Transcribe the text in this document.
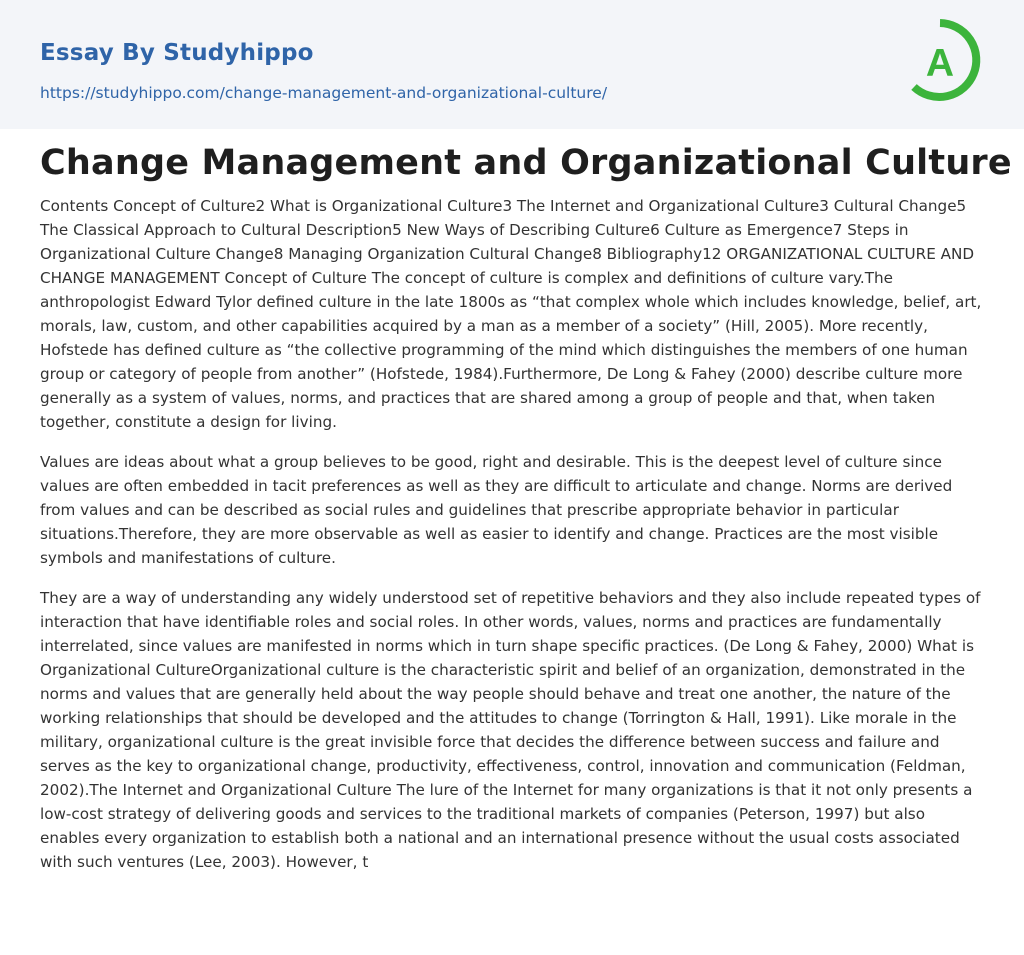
Essay By Studyhippo
https://studyhippo.com/change-management-and-organizational-culture/
A
Change Management and Organizational Culture

Contents Concept of Culture2 What is Organizational Culture3 The Internet and Organizational Culture3 Cultural Change5 The Classical Approach to Cultural Description5 New Ways of Describing Culture6 Culture as Emergence7 Steps in Organizational Culture Change8 Managing Organization Cultural Change8 Bibliography12 ORGANIZATIONAL CULTURE AND CHANGE MANAGEMENT Concept of Culture The concept of culture is complex and definitions of culture vary.The anthropologist Edward Tylor defined culture in the late 1800s as “that complex whole which includes knowledge, belief, art, morals, law, custom, and other capabilities acquired by a man as a member of a society” (Hill, 2005). More recently, Hofstede has defined culture as “the collective programming of the mind which distinguishes the members of one human group or category of people from another” (Hofstede, 1984).Furthermore, De Long & Fahey (2000) describe culture more generally as a system of values, norms, and practices that are shared among a group of people and that, when taken together, constitute a design for living.

Values are ideas about what a group believes to be good, right and desirable. This is the deepest level of culture since values are often embedded in tacit preferences as well as they are difficult to articulate and change. Norms are derived from values and can be described as social rules and guidelines that prescribe appropriate behavior in particular situations.Therefore, they are more observable as well as easier to identify and change. Practices are the most visible symbols and manifestations of culture.

They are a way of understanding any widely understood set of repetitive behaviors and they also include repeated types of interaction that have identifiable roles and social roles. In other words, values, norms and practices are fundamentally interrelated, since values are manifested in norms which in turn shape specific practices. (De Long & Fahey, 2000) What is Organizational CultureOrganizational culture is the characteristic spirit and belief of an organization, demonstrated in the norms and values that are generally held about the way people should behave and treat one another, the nature of the working relationships that should be developed and the attitudes to change (Torrington & Hall, 1991). Like morale in the military, organizational culture is the great invisible force that decides the difference between success and failure and serves as the key to organizational change, productivity, effectiveness, control, innovation and communication (Feldman, 2002).The Internet and Organizational Culture The lure of the Internet for many organizations is that it not only presents a low-cost strategy of delivering goods and services to the traditional markets of companies (Peterson, 1997) but also enables every organization to establish both a national and an international presence without the usual costs associated with such ventures (Lee, 2003). However, t
